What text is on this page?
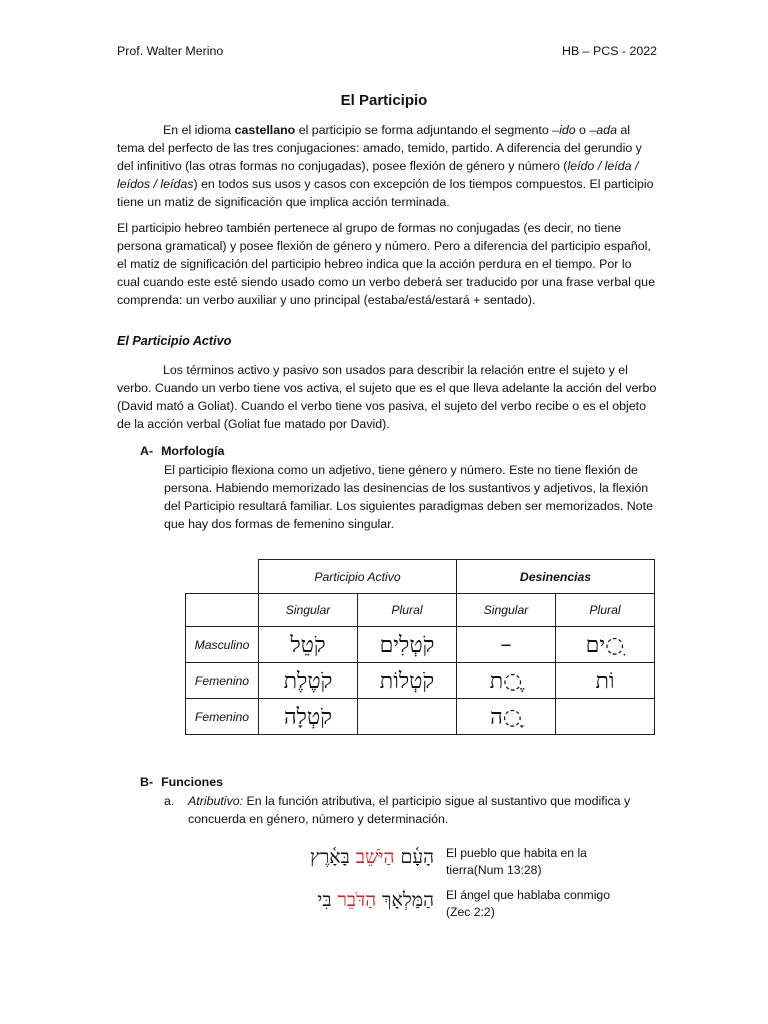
Prof. Walter Merino	HB – PCS - 2022
El Participio
En el idioma castellano el participio se forma adjuntando el segmento –ido o –ada al tema del perfecto de las tres conjugaciones: amado, temido, partido. A diferencia del gerundio y del infinitivo (las otras formas no conjugadas), posee flexión de género y número (leído / leída / leídos / leídas) en todos sus usos y casos con excepción de los tiempos compuestos. El participio tiene un matiz de significación que implica acción terminada.
El participio hebreo también pertenece al grupo de formas no conjugadas (es decir, no tiene persona gramatical) y posee flexión de género y número. Pero a diferencia del participio español, el matiz de significación del participio hebreo indica que la acción perdura en el tiempo. Por lo cual cuando este esté siendo usado como un verbo deberá ser traducido por una frase verbal que comprenda: un verbo auxiliar y uno principal (estaba/está/estará + sentado).
El Participio Activo
Los términos activo y pasivo son usados para describir la relación entre el sujeto y el verbo. Cuando un verbo tiene vos activa, el sujeto que es el que lleva adelante la acción del verbo (David mató a Goliat). Cuando el verbo tiene vos pasiva, el sujeto del verbo recibe o es el objeto de la acción verbal (Goliat fue matado por David).
A- Morfología
El participio flexiona como un adjetivo, tiene género y número. Este no tiene flexión de persona. Habiendo memorizado las desinencias de los sustantivos y adjetivos, la flexión del Participio resultará familiar. Los siguientes paradigmas deben ser memorizados. Note que hay dos formas de femenino singular.
	Participio Activo		Desinencias	
	Singular	Plural	Singular	Plural
Masculino	קֹטֵל	קֹטְלִים	–	ִ◌ים
Femenino	קֹטֶלֶת	קֹטְלוֹת	ֶ◌ת	וֹת
Femenino	קֹטְלָה		ָ◌ה	
B- Funciones
a. Atributivo: En la función atributiva, el participio sigue al sustantivo que modifica y concuerda en género, número y determinación.
הָעָ֫ם הַיֹּשֵׁב בָּאָ֫רֶץ	El pueblo que habita en la tierra(Num 13:28)
הַמַּלְאָךְ הַדֹּבֵר בִּי	El ángel que hablaba conmigo (Zec 2:2)
